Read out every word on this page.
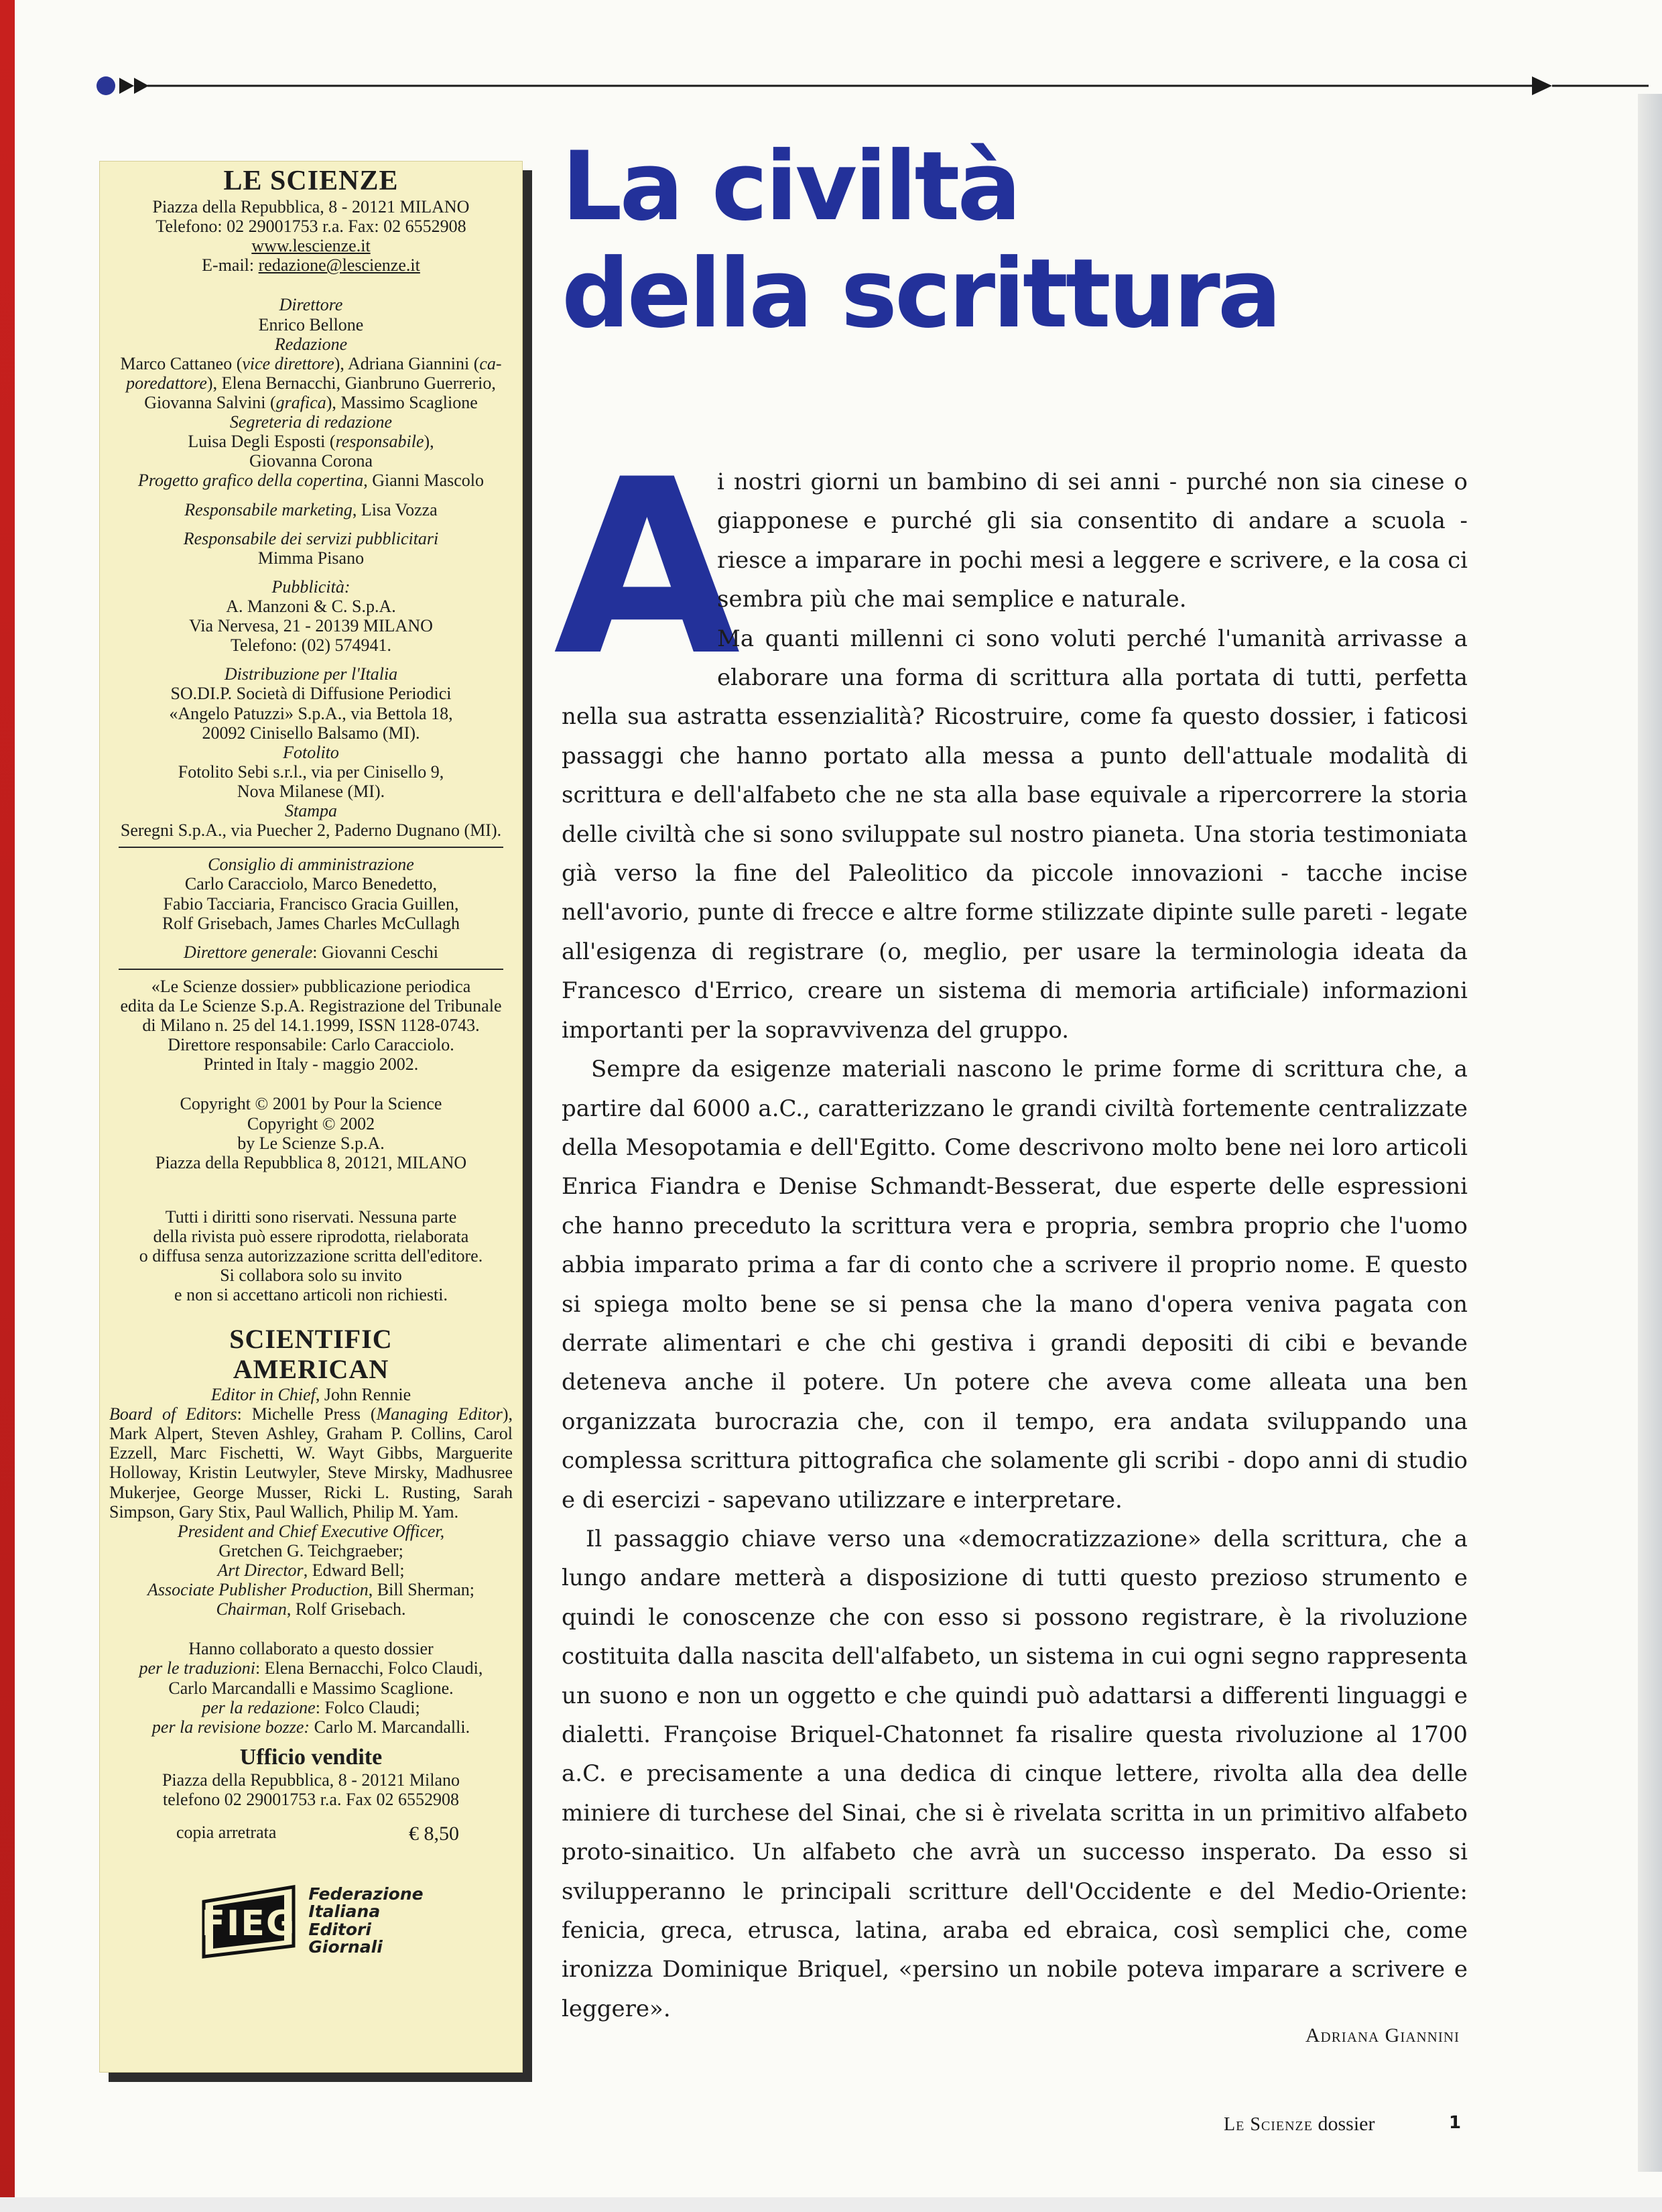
LE SCIENZE
Piazza della Repubblica, 8 - 20121 MILANO
Telefono: 02 29001753 r.a. Fax: 02 6552908
www.lescienze.it
E-mail: redazione@lescienze.it
Direttore
Enrico Bellone
Redazione
Marco Cattaneo (vice direttore), Adriana Giannini (ca-
poredattore), Elena Bernacchi, Gianbruno Guerrerio,
Giovanna Salvini (grafica), Massimo Scaglione
Segreteria di redazione
Luisa Degli Esposti (responsabile),
Giovanna Corona
Progetto grafico della copertina, Gianni Mascolo
Responsabile marketing, Lisa Vozza
Responsabile dei servizi pubblicitari
Mimma Pisano
Pubblicità:
A. Manzoni & C. S.p.A.
Via Nervesa, 21 - 20139 MILANO
Telefono: (02) 574941.
Distribuzione per l'Italia
SO.DI.P. Società di Diffusione Periodici
«Angelo Patuzzi» S.p.A., via Bettola 18,
20092 Cinisello Balsamo (MI).
Fotolito
Fotolito Sebi s.r.l., via per Cinisello 9,
Nova Milanese (MI).
Stampa
Seregni S.p.A., via Puecher 2, Paderno Dugnano (MI).
Consiglio di amministrazione
Carlo Caracciolo, Marco Benedetto,
Fabio Tacciaria, Francisco Gracia Guillen,
Rolf Grisebach, James Charles McCullagh
Direttore generale: Giovanni Ceschi
«Le Scienze dossier» pubblicazione periodica
edita da Le Scienze S.p.A. Registrazione del Tribunale
di Milano n. 25 del 14.1.1999, ISSN 1128-0743.
Direttore responsabile: Carlo Caracciolo.
Printed in Italy - maggio 2002.
Copyright © 2001 by Pour la Science
Copyright © 2002
by Le Scienze S.p.A.
Piazza della Repubblica 8, 20121, MILANO
Tutti i diritti sono riservati. Nessuna parte
della rivista può essere riprodotta, rielaborata
o diffusa senza autorizzazione scritta dell'editore.
Si collabora solo su invito
e non si accettano articoli non richiesti.
SCIENTIFIC
AMERICAN
Editor in Chief, John Rennie
Board of Editors: Michelle Press (Managing Editor), Mark Alpert, Steven Ashley, Graham P. Collins, Carol Ezzell, Marc Fischetti, W. Wayt Gibbs, Marguerite Holloway, Kristin Leutwyler, Steve Mirsky, Madhusree Mukerjee, George Musser, Ricki L. Rusting, Sarah Simpson, Gary Stix, Paul Wallich, Philip M. Yam.
President and Chief Executive Officer,
Gretchen G. Teichgraeber;
Art Director, Edward Bell;
Associate Publisher Production, Bill Sherman;
Chairman, Rolf Grisebach.
Hanno collaborato a questo dossier
per le traduzioni: Elena Bernacchi, Folco Claudi,
Carlo Marcandalli e Massimo Scaglione.
per la redazione: Folco Claudi;
per la revisione bozze: Carlo M. Marcandalli.
Ufficio vendite
Piazza della Repubblica, 8 - 20121 Milano
telefono 02 29001753 r.a. Fax 02 6552908
copia arretrata	€ 8,50
FIEG
Federazione
Italiana
Editori
Giornali
La civiltà
della scrittura
A

i nostri giorni un bambino di sei anni - purché non sia cinese o giapponese e purché gli sia consentito di andare a scuola - riesce a imparare in pochi mesi a leggere e scrivere, e la cosa ci sembra più che mai semplice e naturale.

Ma quanti millenni ci sono voluti perché l'umanità arrivasse a elaborare una forma di scrittura alla portata di tutti, perfetta nella sua astratta essenzialità? Ricostruire, come fa questo dossier, i faticosi passaggi che hanno portato alla messa a punto dell'attuale modalità di scrittura e dell'alfabeto che ne sta alla base equivale a ripercorrere la storia delle civiltà che si sono sviluppate sul nostro pianeta. Una storia testimoniata già verso la fine del Paleolitico da piccole innovazioni - tacche incise nell'avorio, punte di frecce e altre forme stilizzate dipinte sulle pareti - legate all'esigenza di registrare (o, meglio, per usare la terminologia ideata da Francesco d'Errico, creare un sistema di memoria artificiale) informazioni importanti per la sopravvivenza del gruppo.

Sempre da esigenze materiali nascono le prime forme di scrittura che, a partire dal 6000 a.C., caratterizzano le grandi civiltà fortemente centralizzate della Mesopotamia e dell'Egitto. Come descrivono molto bene nei loro articoli Enrica Fiandra e Denise Schmandt-Besserat, due esperte delle espressioni che hanno preceduto la scrittura vera e propria, sembra proprio che l'uomo abbia imparato prima a far di conto che a scrivere il proprio nome. E questo si spiega molto bene se si pensa che la mano d'opera veniva pagata con derrate alimentari e che chi gestiva i grandi depositi di cibi e bevande deteneva anche il potere. Un potere che aveva come alleata una ben organizzata burocrazia che, con il tempo, era andata sviluppando una complessa scrittura pittografica che solamente gli scribi - dopo anni di studio e di esercizi - sapevano utilizzare e interpretare.

Il passaggio chiave verso una «democratizzazione» della scrittura, che a lungo andare metterà a disposizione di tutti questo prezioso strumento e quindi le conoscenze che con esso si possono registrare, è la rivoluzione costituita dalla nascita dell'alfabeto, un sistema in cui ogni segno rappresenta un suono e non un oggetto e che quindi può adattarsi a differenti linguaggi e dialetti. Françoise Briquel-Chatonnet fa risalire questa rivoluzione al 1700 a.C. e precisamente a una dedica di cinque lettere, rivolta alla dea delle miniere di turchese del Sinai, che si è rivelata scritta in un primitivo alfabeto proto-sinaitico. Un alfabeto che avrà un successo insperato. Da esso si svilupperanno le principali scritture dell'Occidente e del Medio-Oriente: fenicia, greca, etrusca, latina, araba ed ebraica, così semplici che, come ironizza Dominique Briquel, «persino un nobile poteva imparare a scrivere e leggere».

Adriana Giannini
Le Scienze dossier	1
